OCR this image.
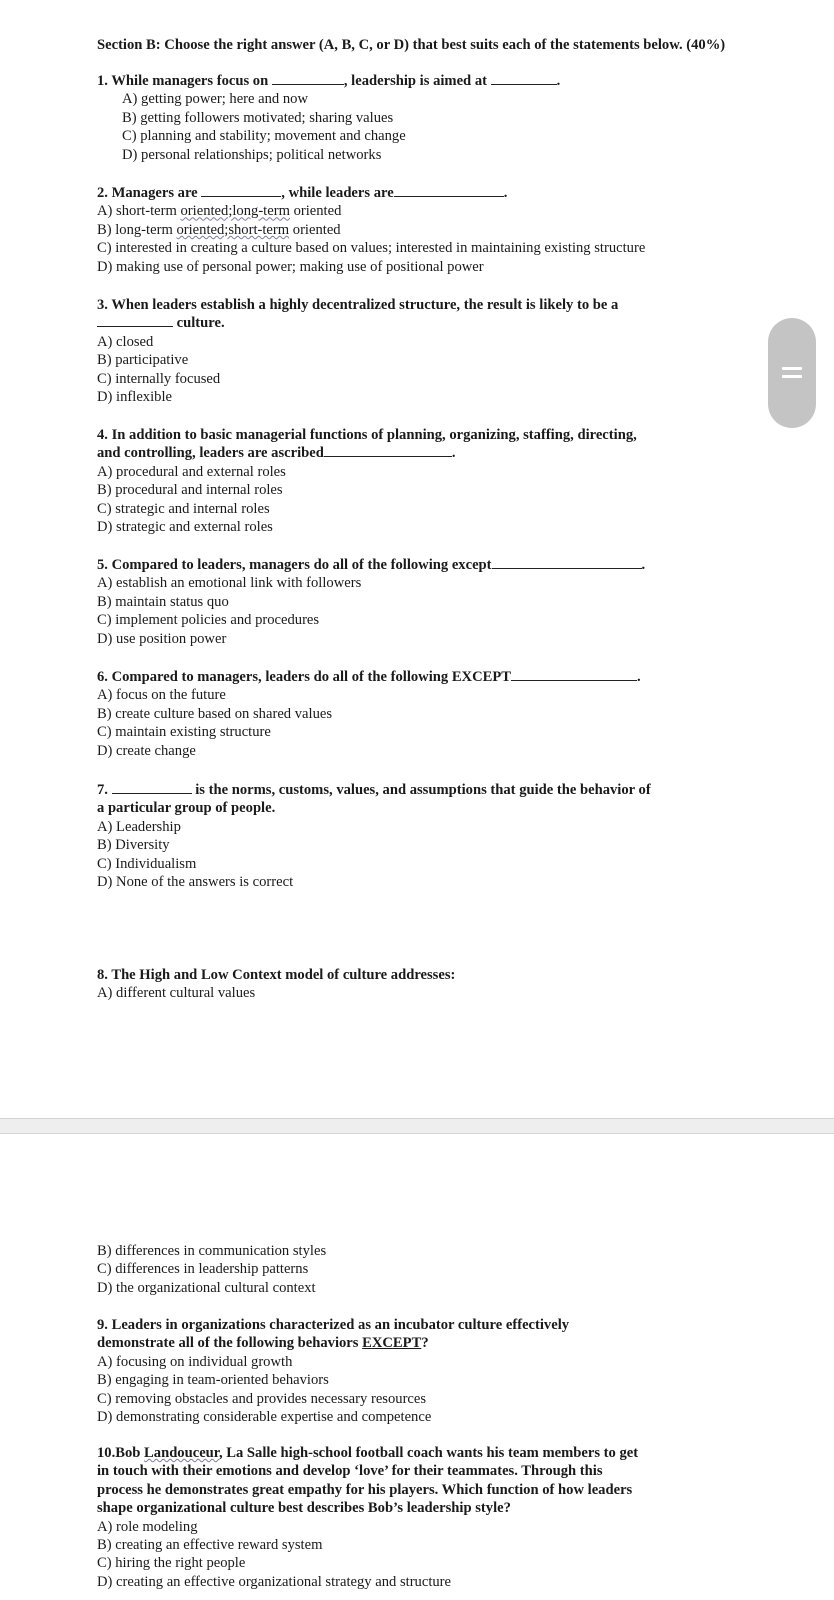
Section B: Choose the right answer (A, B, C, or D) that best suits each of the statements below. (40%)
1. While managers focus on	, leadership is aimed at	.
A) getting power; here and now
B) getting followers motivated; sharing values
C) planning and stability; movement and change
D) personal relationships; political networks
2. Managers are	, while leaders are	.
A) short-term oriented;long-term oriented
B) long-term oriented;short-term oriented
C) interested in creating a culture based on values; interested in maintaining existing structure
D) making use of personal power; making use of positional power
3. When leaders establish a highly decentralized structure, the result is likely to be a
culture.
A) closed
B) participative
C) internally focused
D) inflexible
4. In addition to basic managerial functions of planning, organizing, staffing, directing,
and controlling, leaders are ascribed	.
A) procedural and external roles
B) procedural and internal roles
C) strategic and internal roles
D) strategic and external roles
5. Compared to leaders, managers do all of the following except	.
A) establish an emotional link with followers
B) maintain status quo
C) implement policies and procedures
D) use position power
6. Compared to managers, leaders do all of the following EXCEPT	.
A) focus on the future
B) create culture based on shared values
C) maintain existing structure
D) create change
7.	is the norms, customs, values, and assumptions that guide the behavior of
a particular group of people.
A) Leadership
B) Diversity
C) Individualism
D) None of the answers is correct
8. The High and Low Context model of culture addresses:
A) different cultural values
B) differences in communication styles
C) differences in leadership patterns
D) the organizational cultural context
9. Leaders in organizations characterized as an incubator culture effectively
demonstrate all of the following behaviors EXCEPT?
A) focusing on individual growth
B) engaging in team-oriented behaviors
C) removing obstacles and provides necessary resources
D) demonstrating considerable expertise and competence
10.Bob Landouceur, La Salle high-school football coach wants his team members to get
in touch with their emotions and develop ‘love’ for their teammates. Through this
process he demonstrates great empathy for his players. Which function of how leaders
shape organizational culture best describes Bob’s leadership style?
A) role modeling
B) creating an effective reward system
C) hiring the right people
D) creating an effective organizational strategy and structure
